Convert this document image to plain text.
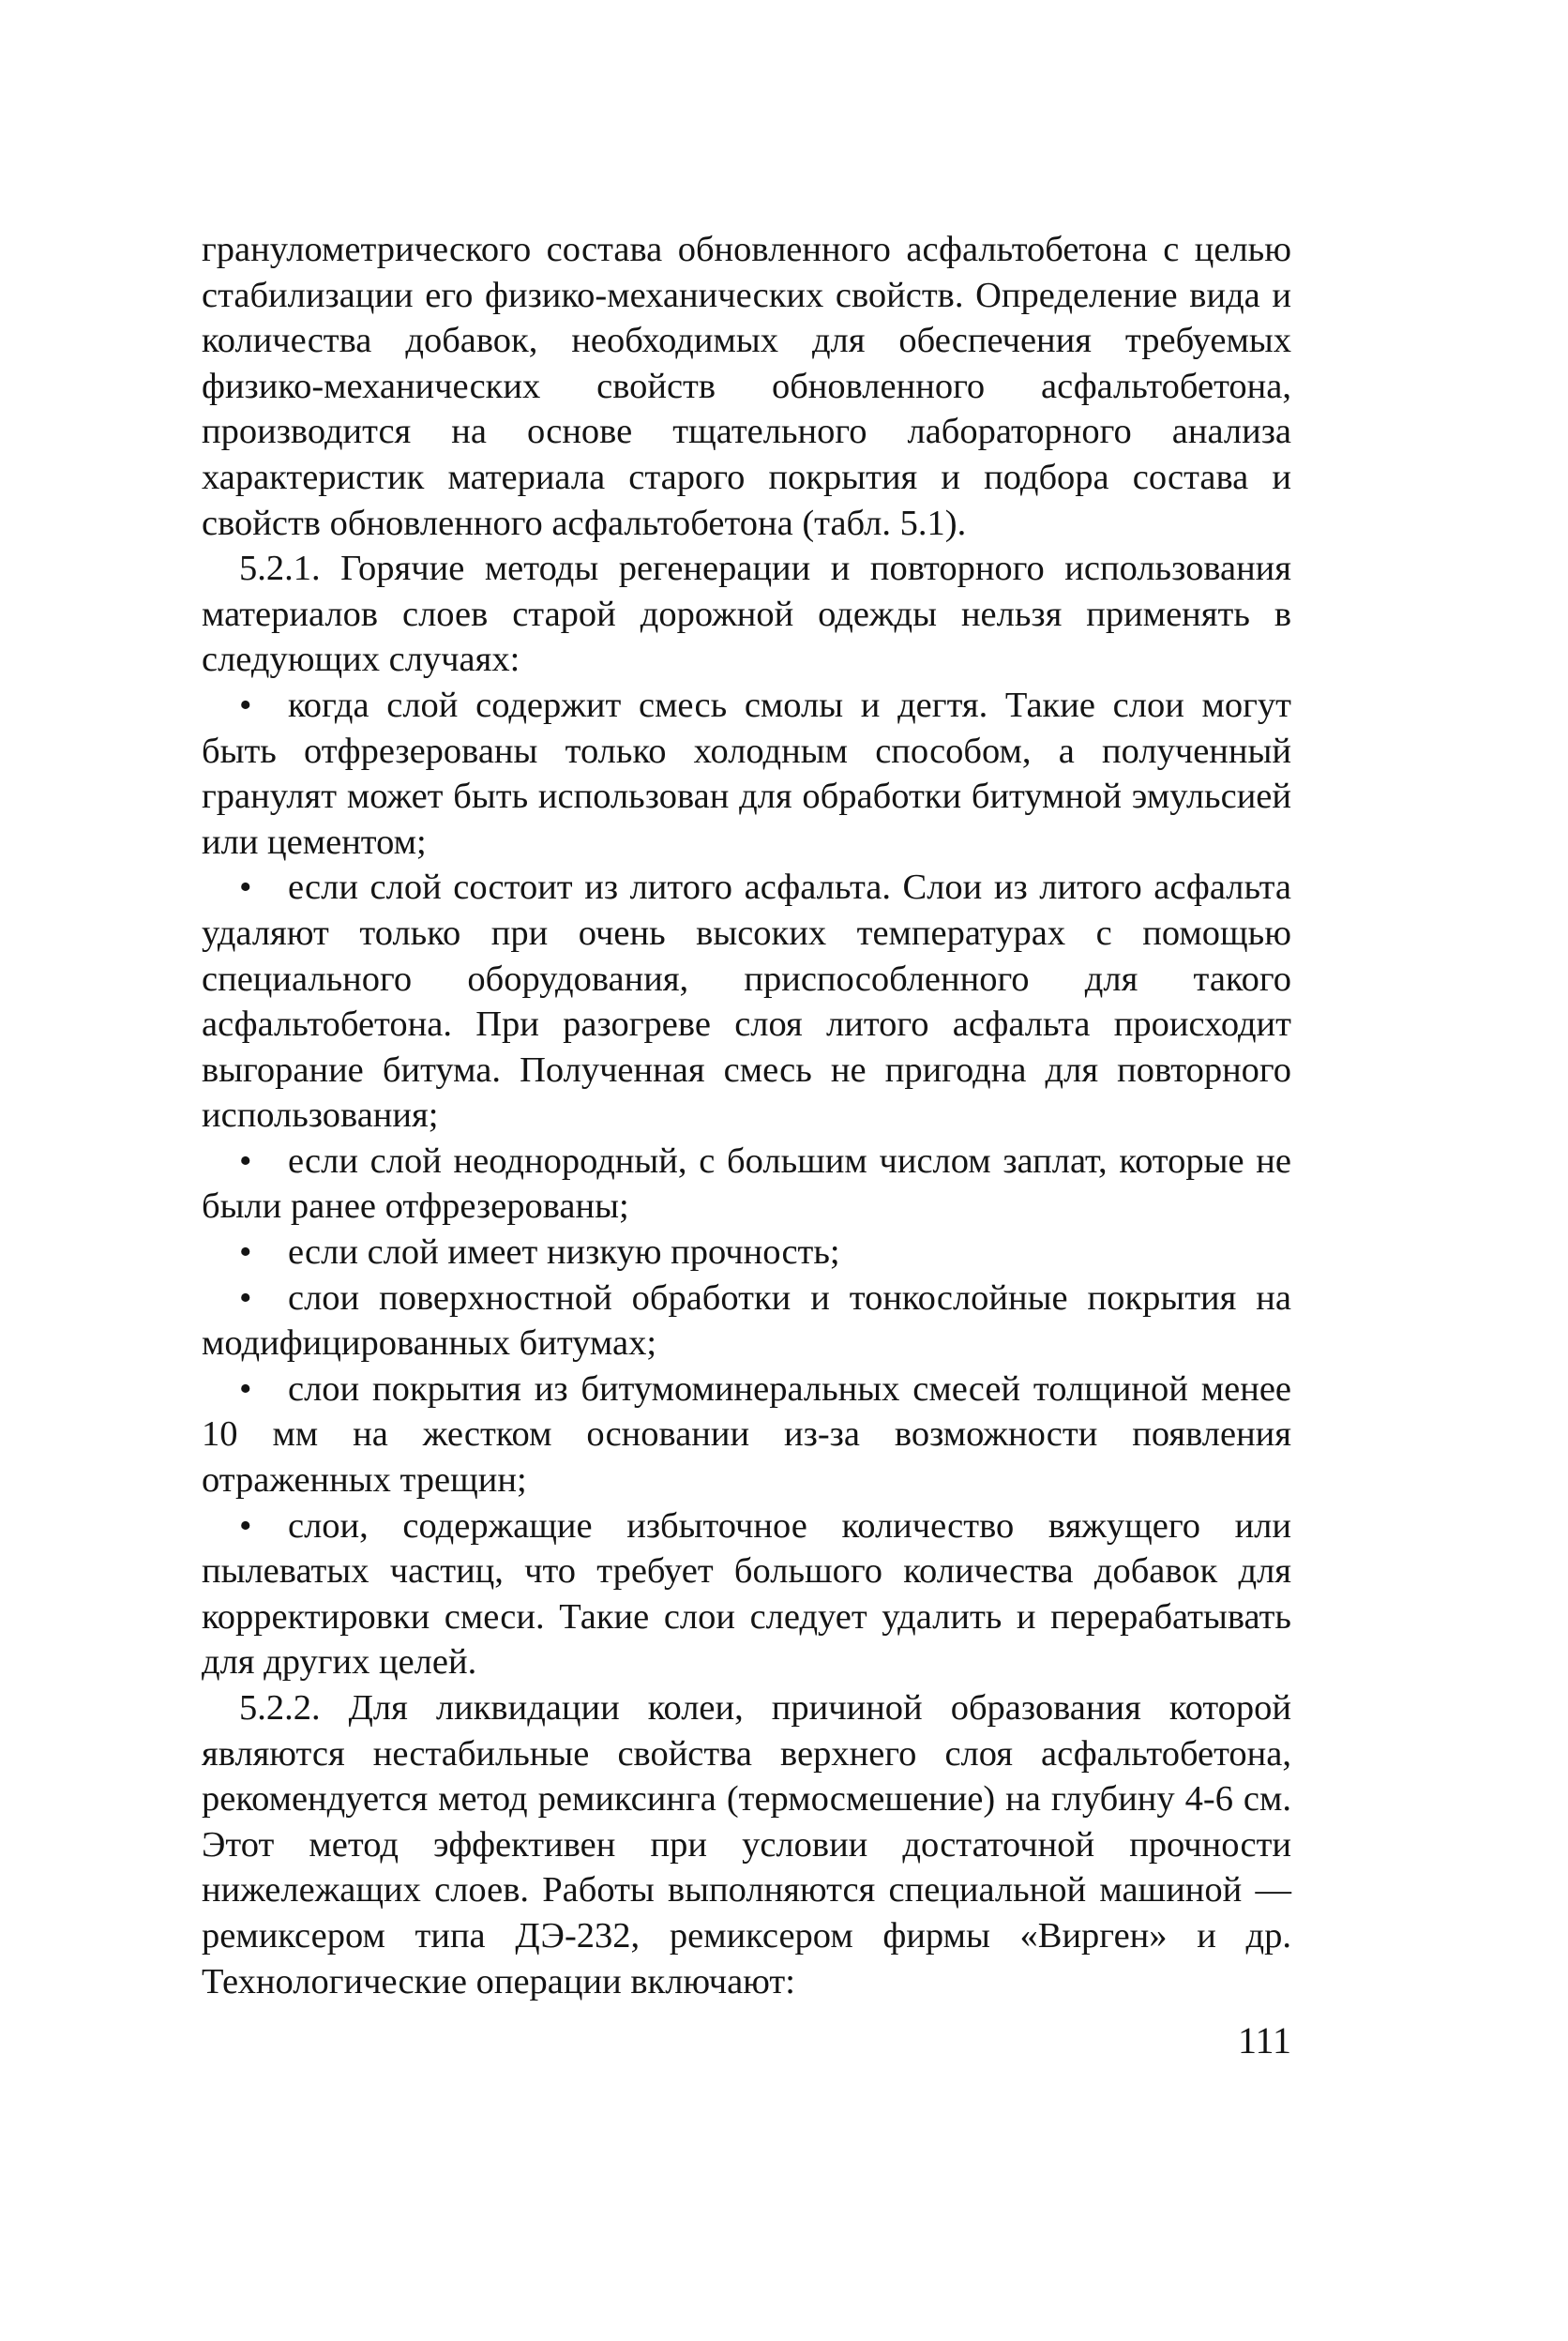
гранулометрического состава обновленного асфальтобетона с целью стабилизации его физико-механических свойств. Определение вида и количества добавок, необходимых для обеспечения требуемых физико-механических свойств обновленного асфальтобетона, производится на основе тщательного лабораторного анализа характеристик материала старого покрытия и подбора состава и свойств обновленного асфальтобетона (табл. 5.1).

5.2.1. Горячие методы регенерации и повторного использования материалов слоев старой дорожной одежды нельзя применять в следующих случаях:

• когда слой содержит смесь смолы и дегтя. Такие слои могут быть отфрезерованы только холодным способом, а полученный гранулят может быть использован для обработки битумной эмульсией или цементом;

• если слой состоит из литого асфальта. Слои из литого асфальта удаляют только при очень высоких температурах с помощью специального оборудования, приспособленного для такого асфальтобетона. При разогреве слоя литого асфальта происходит выгорание битума. Полученная смесь не пригодна для повторного использования;

• если слой неоднородный, с большим числом заплат, которые не были ранее отфрезерованы;

• если слой имеет низкую прочность;

• слои поверхностной обработки и тонкослойные покрытия на модифицированных битумах;

• слои покрытия из битумоминеральных смесей толщиной менее 10 мм на жестком основании из-за возможности появления отраженных трещин;

• слои, содержащие избыточное количество вяжущего или пылеватых частиц, что требует большого количества добавок для корректировки смеси. Такие слои следует удалить и перерабатывать для других целей.

5.2.2. Для ликвидации колеи, причиной образования которой являются нестабильные свойства верхнего слоя асфальтобетона, рекомендуется метод ремиксинга (термосмешение) на глубину 4-6 см. Этот метод эффективен при условии достаточной прочности нижележащих слоев. Работы выполняются специальной машиной — ремиксером типа ДЭ-232, ремиксером фирмы «Вирген» и др. Технологические операции включают:

111
